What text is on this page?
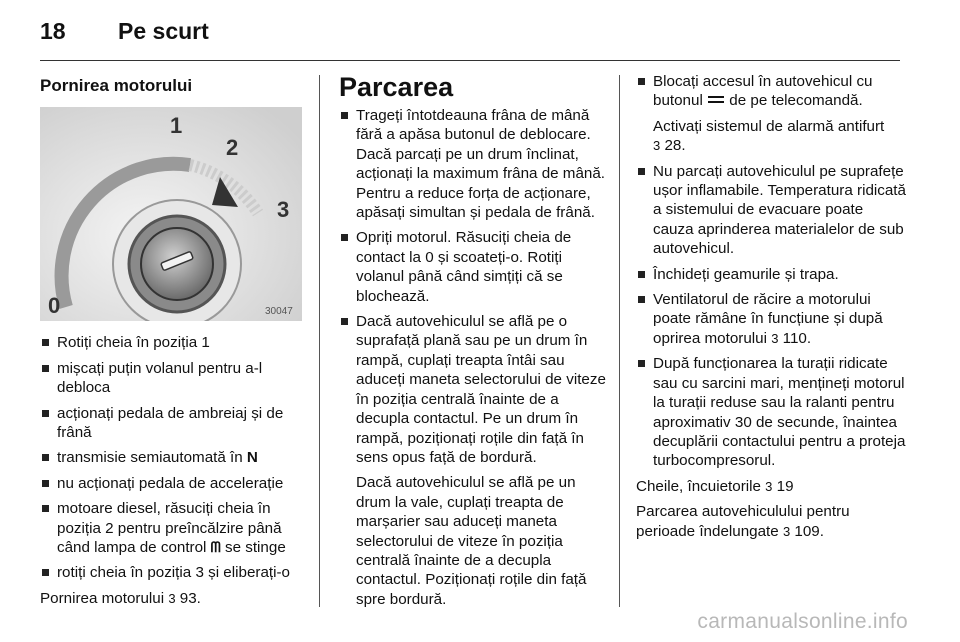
18 Pe scurt
Pornirea motorului
1
2
3
0	30047
Rotiți cheia în poziția 1
mișcați puțin volanul pentru a-l debloca
acționați pedala de ambreiaj și de frână
transmisie semiautomată în N
nu acționați pedala de accelerație
motoare diesel, răsuciți cheia în poziția 2 pentru preîncălzire până când lampa de control ᗰ se stinge
rotiți cheia în poziția 3 și eliberați-o

Pornirea motorului 3 93.

Parcarea
Trageți întotdeauna frâna de mână fără a apăsa butonul de deblocare. Dacă parcați pe un drum înclinat, acționați la maximum frâna de mână. Pentru a reduce forța de acționare, apăsați simultan și pedala de frână.
Opriți motorul. Răsuciți cheia de contact la 0 și scoateți-o. Rotiți volanul până când simțiți că se blochează.
Dacă autovehiculul se află pe o suprafață plană sau pe un drum în rampă, cuplați treapta întâi sau aduceți maneta selectorului de viteze în poziția centrală înainte de a decupla contactul. Pe un drum în rampă, poziționați roțile din față în sens opus față de bordură.

Dacă autovehiculul se află pe un drum la vale, cuplați treapta de marșarier sau aduceți maneta selectorului de viteze în poziția centrală înainte de a decupla contactul. Poziționați roțile din față spre bordură.

Blocați accesul în autovehicul cu butonul  de pe telecomandă.

Activați sistemul de alarmă antifurt
3 28.

Nu parcați autovehiculul pe suprafețe ușor inflamabile. Temperatura ridicată a sistemului de evacuare poate cauza aprinderea materialelor de sub autovehicul.
Închideți geamurile și trapa.
Ventilatorul de răcire a motorului poate rămâne în funcțiune și după oprirea motorului 3 110.
După funcționarea la turații ridicate sau cu sarcini mari, mențineți motorul la turații reduse sau la ralanti pentru aproximativ 30 de secunde, înaintea decuplării contactului pentru a proteja turbocompresorul.

Cheile, încuietorile 3 19

Parcarea autovehiculului pentru perioade îndelungate 3 109.

carmanualsonline.info
